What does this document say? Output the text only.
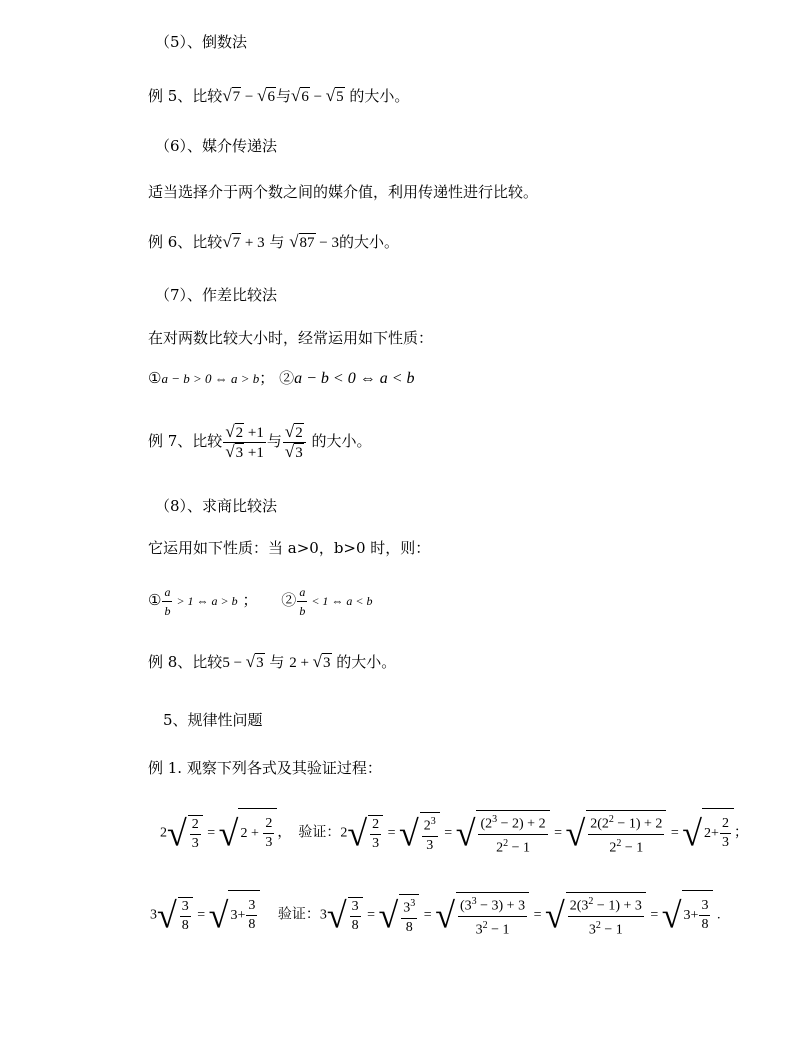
（5）、倒数法
例 5、比较√7 − √6与√6 − √5 的大小。
（6）、媒介传递法
适当选择介于两个数之间的媒介值，利用传递性进行比较。
例 6、比较√7 + 3 与 √87 − 3的大小。
（7）、作差比较法
在对两数比较大小时，经常运用如下性质：
①a − b > 0 ⇔ a > b； ②a − b < 0 ⇔ a < b
例 7、比较 $\frac{√2 +1}{√3 +1}$ 与 $\frac{√2}{√3}$ 的大小。
（8）、求商比较法
它运用如下性质：当 a>0，b>0 时，则：
① $\frac{a}{b} > 1$ ⇔ a > b ； ② $\frac{a}{b} < 1$ ⇔ a < b
例 8、比较5 − √3 与 2 + √3 的大小。
5、规律性问题
例 1. 观察下列各式及其验证过程：
$2√ \frac{2}{3}$ = √ $2 + \frac{2}{3}$ ，  验证：$2√ \frac{2}{3}$ = √ $\frac{2^3}{3}$ = √ $\frac{(2^3 - 2) + 2}{2^2 - 1}$ = √ $\frac{2(2^2 - 1) + 2}{2^2 - 1}$ = √ $2+ \frac{2}{3}$ ；
$3√ \frac{3}{8}$ = √ $3+ \frac{3}{8}$ 验证：$3√ \frac{3}{8}$ = √ $\frac{3^3}{8}$ = √ $\frac{(3^3 - 3) + 3}{3^2 - 1}$ = √ $\frac{2(3^2 - 1) + 3}{3^2 - 1}$ = √ $3+ \frac{3}{8}$ .
